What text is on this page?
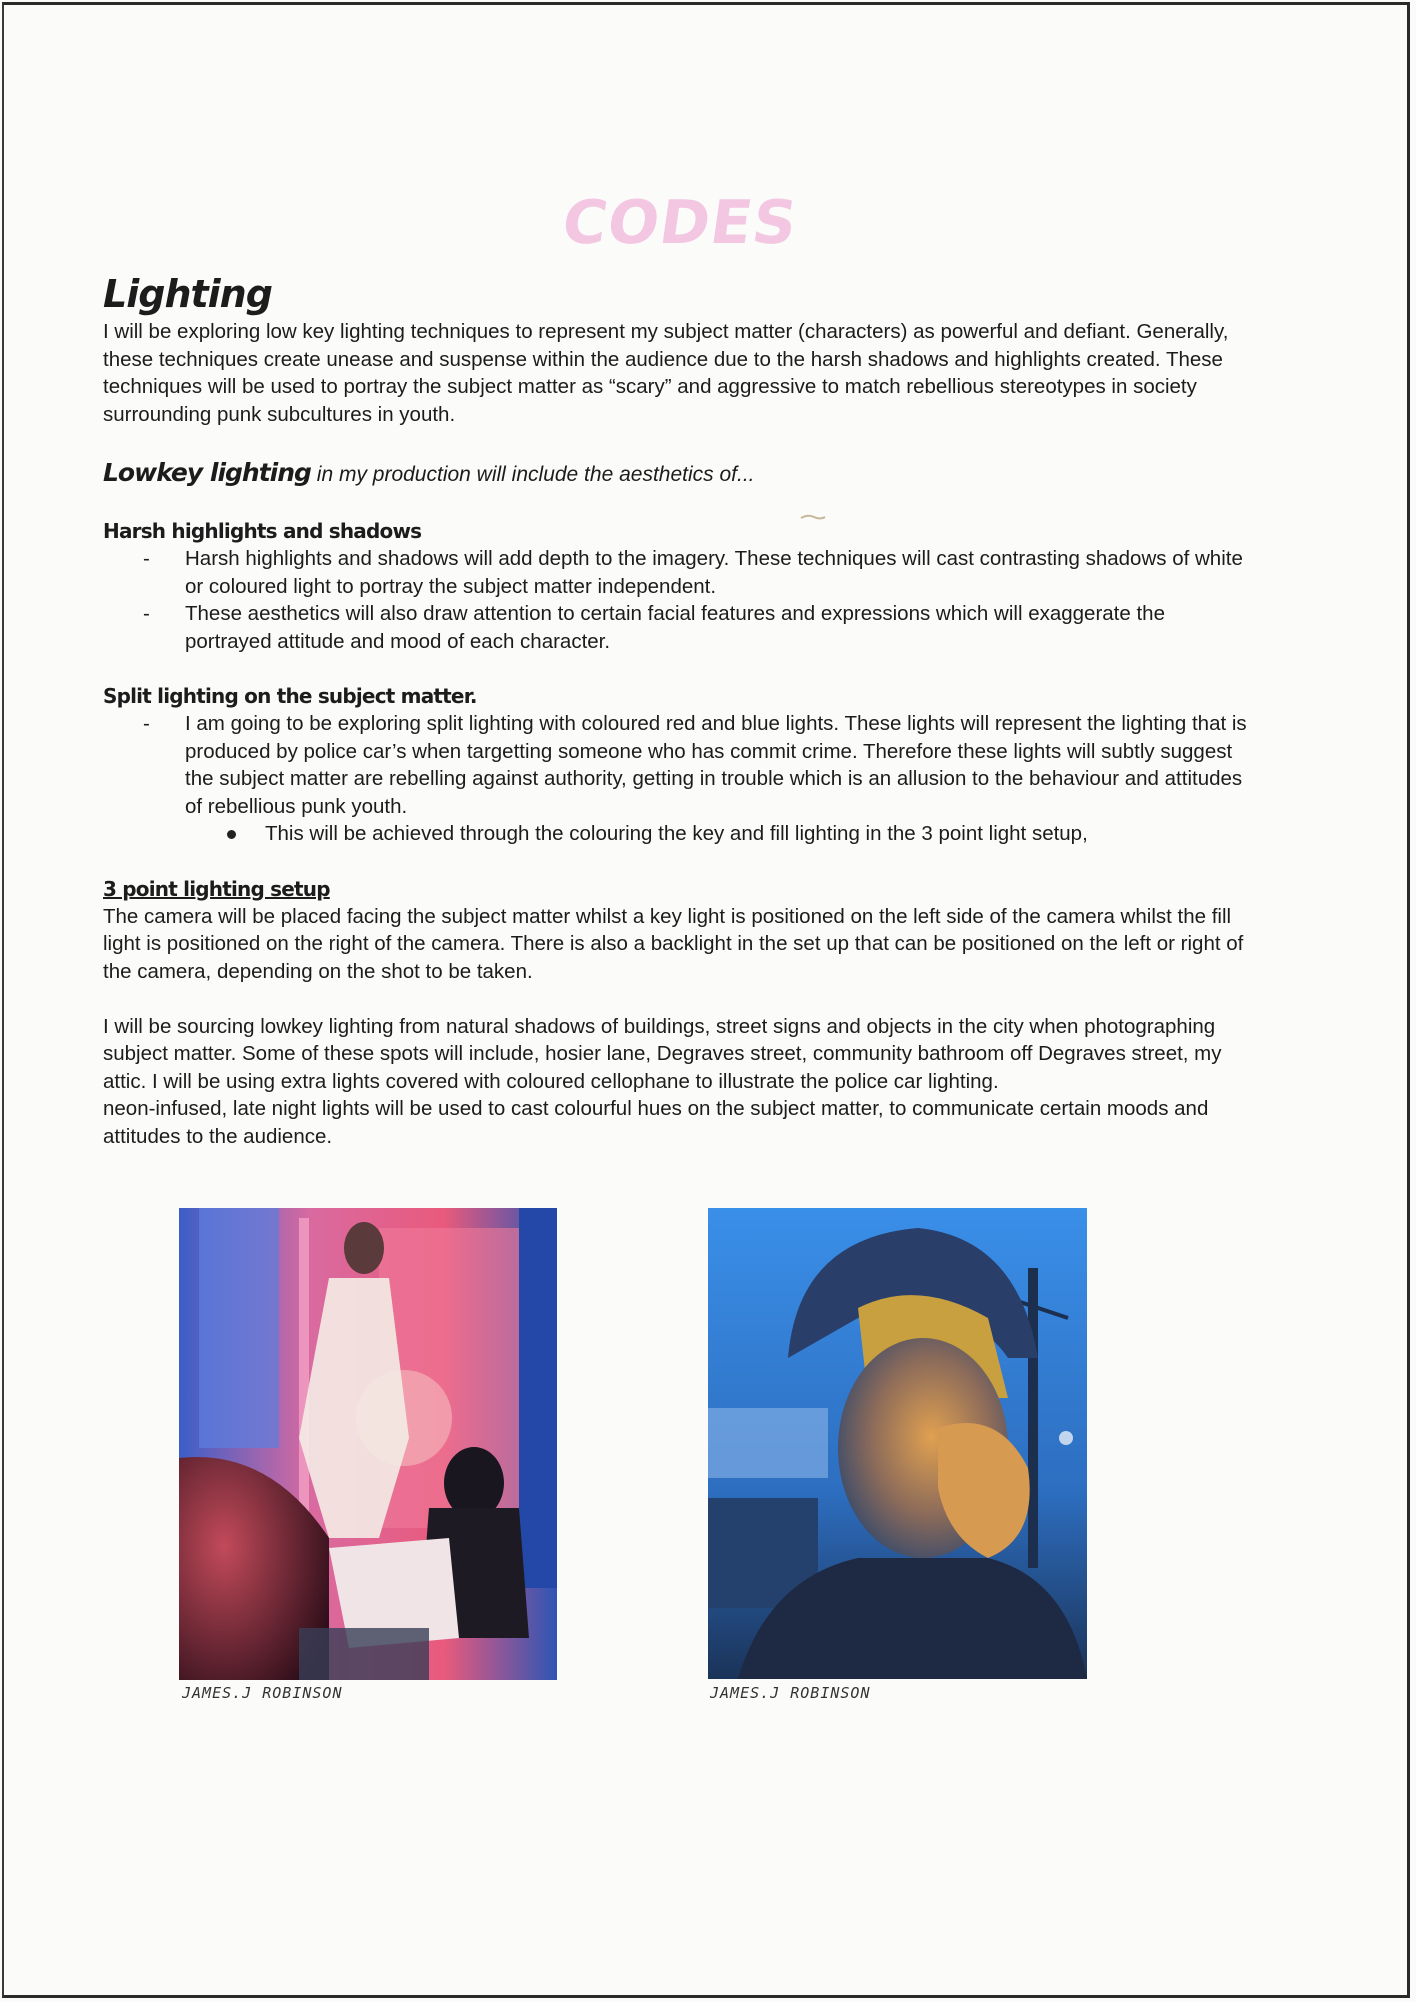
CODES
Lighting

I will be exploring low key lighting techniques to represent my subject matter (characters) as powerful and defiant. Generally, these techniques create unease and suspense within the audience due to the harsh shadows and highlights created. These techniques will be used to portray the subject matter as “scary” and aggressive to match rebellious stereotypes in society surrounding punk subcultures in youth.

Lowkey lighting in my production will include the aesthetics of...

Harsh highlights and shadows
- Harsh highlights and shadows will add depth to the imagery. These techniques will cast contrasting shadows of white or coloured light to portray the subject matter independent.
- These aesthetics will also draw attention to certain facial features and expressions which will exaggerate the portrayed attitude and mood of each character.
Split lighting on the subject matter.
- I am going to be exploring split lighting with coloured red and blue lights. These lights will represent the lighting that is produced by police car’s when targetting someone who has commit crime. Therefore these lights will subtly suggest the subject matter are rebelling against authority, getting in trouble which is an allusion to the behaviour and attitudes of rebellious punk youth.
This will be achieved through the colouring the key and fill lighting in the 3 point light setup,
3 point lighting setup

The camera will be placed facing the subject matter whilst a key light is positioned on the left side of the camera whilst the fill light is positioned on the right of the camera. There is also a backlight in the set up that can be positioned on the left or right of the camera, depending on the shot to be taken.

I will be sourcing lowkey lighting from natural shadows of buildings, street signs and objects in the city when photographing subject matter. Some of these spots will include, hosier lane, Degraves street, community bathroom off Degraves street, my attic. I will be using extra lights covered with coloured cellophane to illustrate the police car lighting.

neon-infused, late night lights will be used to cast colourful hues on the subject matter, to communicate certain moods and attitudes to the audience.

JAMES.J ROBINSON	JAMES.J ROBINSON
